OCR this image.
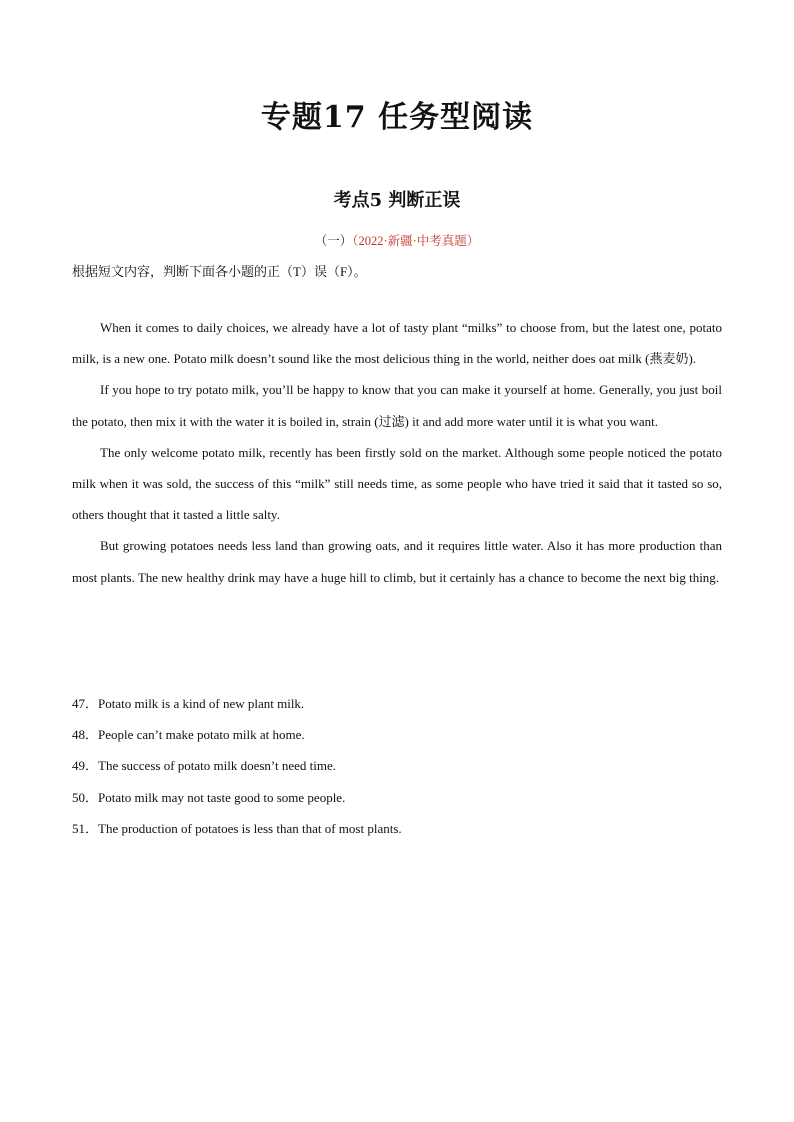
专题17 任务型阅读
考点5 判断正误
（一）（2022·新疆·中考真题）
根据短文内容，判断下面各小题的正（T）误（F）。

When it comes to daily choices, we already have a lot of tasty plant “milks” to choose from, but the latest one, potato milk, is a new one. Potato milk doesn’t sound like the most delicious thing in the world, neither does oat milk (燕麦奶).

If you hope to try potato milk, you’ll be happy to know that you can make it yourself at home. Generally, you just boil the potato, then mix it with the water it is boiled in, strain (过滤) it and add more water until it is what you want.

The only welcome potato milk, recently has been firstly sold on the market. Although some people noticed the potato milk when it was sold, the success of this “milk” still needs time, as some people who have tried it said that it tasted so so, others thought that it tasted a little salty.

But growing potatoes needs less land than growing oats, and it requires little water. Also it has more production than most plants. The new healthy drink may have a huge hill to climb, but it certainly has a chance to become the next big thing.

47．Potato milk is a kind of new plant milk.
48．People can’t make potato milk at home.
49．The success of potato milk doesn’t need time.
50．Potato milk may not taste good to some people.
51．The production of potatoes is less than that of most plants.
